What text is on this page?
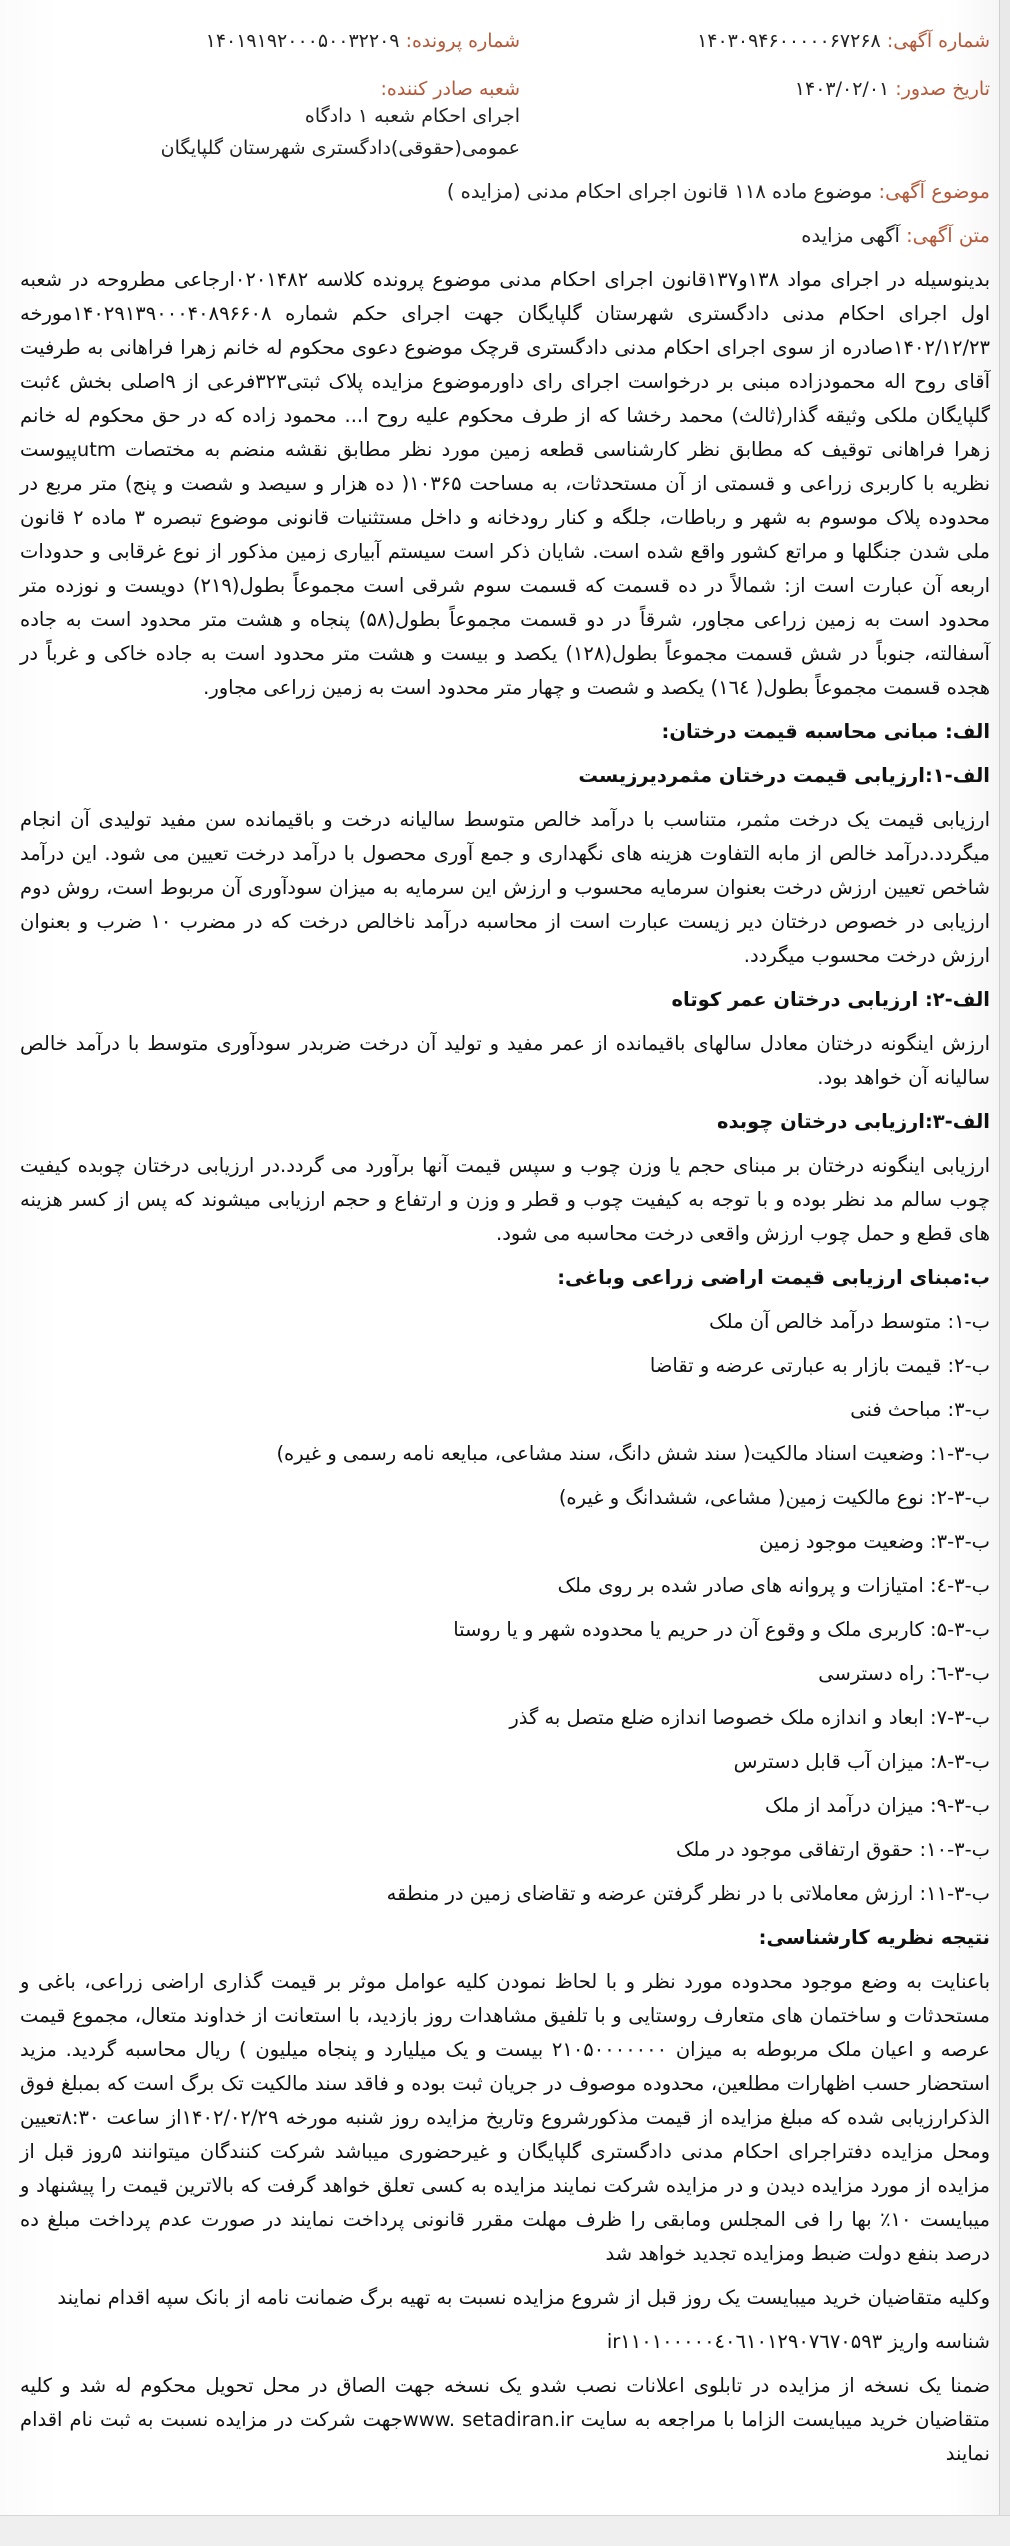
شماره آگهی: ۱۴۰۳۰۹۴۶۰۰۰۰۰۶۷۲۶۸
شماره پرونده: ۱۴۰۱۹۱۹۲۰۰۰۵۰۰۳۲۲۰۹
تاریخ صدور: ۱۴۰۳/۰۲/۰۱
شعبه صادر کننده: اجرای احکام شعبه ۱ دادگاه عمومی(حقوقی)دادگستری شهرستان گلپایگان

موضوع آگهی: موضوع ماده ۱۱۸ قانون اجرای احکام مدنی (مزایده )

متن آگهی: آگهی مزایده

بدینوسیله در اجرای مواد ۱۳۸و۱۳۷قانون اجرای احکام مدنی موضوع پرونده کلاسه ۰۲۰۱۴۸۲ارجاعی مطروحه در شعبه اول اجرای احکام مدنی دادگستری شهرستان گلپایگان جهت اجرای حکم شماره ۱۴۰۲۹۱۳۹۰۰۰۴۰۸۹۶۶۰۸مورخه ۱۴۰۲/۱۲/۲۳صادره از سوی اجرای احکام مدنی دادگستری قرچک موضوع دعوی محکوم له خانم زهرا فراهانی به طرفیت آقای روح اله محمودزاده مبنی بر درخواست اجرای رای داورموضوع مزایده پلاک ثبتی۳۲۳فرعی از ۹اصلی بخش ٤ثبت گلپایگان ملکی وثیقه گذار(ثالث) محمد رخشا که از طرف محکوم علیه روح ا... محمود زاده که در حق محکوم له خانم زهرا فراهانی توقیف که مطابق نظر کارشناسی قطعه زمین مورد نظر مطابق نقشه منضم به مختصات utmپیوست نظریه با کاربری زراعی و قسمتی از آن مستحدثات، به مساحت ۱۰۳۶۵( ده هزار و سیصد و شصت و پنج) متر مربع در محدوده پلاک موسوم به شهر و رباطات، جلگه و کنار رودخانه و داخل مستثنیات قانونی موضوع تبصره ۳ ماده ۲ قانون ملی شدن جنگلها و مراتع کشور واقع شده است. شایان ذکر است سیستم آبیاری زمین مذکور از نوع غرقابی و حدودات اربعه آن عبارت است از: شمالاً در ده قسمت که قسمت سوم شرقی است مجموعاً بطول(۲۱۹) دویست و نوزده متر محدود است به زمین زراعی مجاور، شرقاً در دو قسمت مجموعاً بطول(۵۸) پنجاه و هشت متر محدود است به جاده آسفالته، جنوباً در شش قسمت مجموعاً بطول(۱۲۸) یکصد و بیست و هشت متر محدود است به جاده خاکی و غرباً در هجده قسمت مجموعاً بطول( ١٦٤) یکصد و شصت و چهار متر محدود است به زمین زراعی مجاور.

الف: مبانی محاسبه قیمت درختان:

الف-۱:ارزیابی قیمت درختان مثمردیرزیست

ارزیابی قیمت یک درخت مثمر، متناسب با درآمد خالص متوسط سالیانه درخت و باقیمانده سن مفید تولیدی آن انجام میگردد.درآمد خالص از مابه التفاوت هزینه های نگهداری و جمع آوری محصول با درآمد درخت تعیین می شود. این درآمد شاخص تعیین ارزش درخت بعنوان سرمایه محسوب و ارزش این سرمایه به میزان سودآوری آن مربوط است، روش دوم ارزیابی در خصوص درختان دیر زیست عبارت است از محاسبه درآمد ناخالص درخت که در مضرب ۱۰ ضرب و بعنوان ارزش درخت محسوب میگردد.

الف-۲: ارزیابی درختان عمر کوتاه

ارزش اینگونه درختان معادل سالهای باقیمانده از عمر مفید و تولید آن درخت ضربدر سودآوری متوسط با درآمد خالص سالیانه آن خواهد بود.

الف-۳:ارزیابی درختان چوبده

ارزیابی اینگونه درختان بر مبنای حجم یا وزن چوب و سپس قیمت آنها برآورد می گردد.در ارزیابی درختان چوبده کیفیت چوب سالم مد نظر بوده و با توجه به کیفیت چوب و قطر و وزن و ارتفاع و حجم ارزیابی میشوند که پس از کسر هزینه های قطع و حمل چوب ارزش واقعی درخت محاسبه می شود.

ب:مبنای ارزیابی قیمت اراضی زراعی وباغی:

ب-۱: متوسط درآمد خالص آن ملک

ب-۲: قیمت بازار به عبارتی عرضه و تقاضا

ب-۳: مباحث فنی

ب-۳-۱: وضعیت اسناد مالکیت( سند شش دانگ، سند مشاعی، مبایعه نامه رسمی و غیره)

ب-۳-۲: نوع مالکیت زمین( مشاعی، ششدانگ و غیره)

ب-۳-۳: وضعیت موجود زمین

ب-۳-٤: امتیازات و پروانه های صادر شده بر روی ملک

ب-۳-۵: کاربری ملک و وقوع آن در حریم یا محدوده شهر و یا روستا

ب-۳-٦: راه دسترسی

ب-۳-۷: ابعاد و اندازه ملک خصوصا اندازه ضلع متصل به گذر

ب-۳-۸: میزان آب قابل دسترس

ب-۳-۹: میزان درآمد از ملک

ب-۳-۱۰: حقوق ارتفاقی موجود در ملک

ب-۳-۱۱: ارزش معاملاتی با در نظر گرفتن عرضه و تقاضای زمین در منطقه

نتیجه نظریه کارشناسی:

باعنایت به وضع موجود محدوده مورد نظر و با لحاظ نمودن کلیه عوامل موثر بر قیمت گذاری اراضی زراعی، باغی و مستحدثات و ساختمان های متعارف روستایی و با تلفیق مشاهدات روز بازدید، با استعانت از خداوند متعال، مجموع قیمت عرصه و اعیان ملک مربوطه به میزان ۲۱۰۵۰۰۰۰۰۰۰ بیست و یک میلیارد و پنجاه میلیون ) ریال محاسبه گردید. مزید استحضار حسب اظهارات مطلعین، محدوده موصوف در جریان ثبت بوده و فاقد سند مالکیت تک برگ است که بمبلغ فوق الذکرارزیابی شده که مبلغ مزایده از قیمت مذکورشروع وتاریخ مزایده روز شنبه مورخه ۱۴۰۲/۰۲/۲۹از ساعت ۸:۳۰تعیین ومحل مزایده دفتراجرای احکام مدنی دادگستری گلپایگان و غیرحضوری میباشد شرکت کنندگان میتوانند ۵روز قبل از مزایده از مورد مزایده دیدن و در مزایده شرکت نمایند مزایده به کسی تعلق خواهد گرفت که بالاترین قیمت را پیشنهاد و میبایست ۱۰٪ بها را فی المجلس ومابقی را ظرف مهلت مقرر قانونی پرداخت نمایند در صورت عدم پرداخت مبلغ ده درصد بنفع دولت ضبط ومزایده تجدید خواهد شد

وکلیه متقاضیان خرید میبایست یک روز قبل از شروع مزایده نسبت به تهیه برگ ضمانت نامه از بانک سپه اقدام نمایند

شناسه واریز ir۱۱۰۱۰۰۰۰۰٤۰٦۱۰۱۲۹۰۷٦۷۰۵۹۳

ضمنا یک نسخه از مزایده در تابلوی اعلانات نصب شدو یک نسخه جهت الصاق در محل تحویل محکوم له شد و کلیه متقاضیان خرید میبایست الزاما با مراجعه به سایت www. setadiran.irجهت شرکت در مزایده نسبت به ثبت نام اقدام نمایند
